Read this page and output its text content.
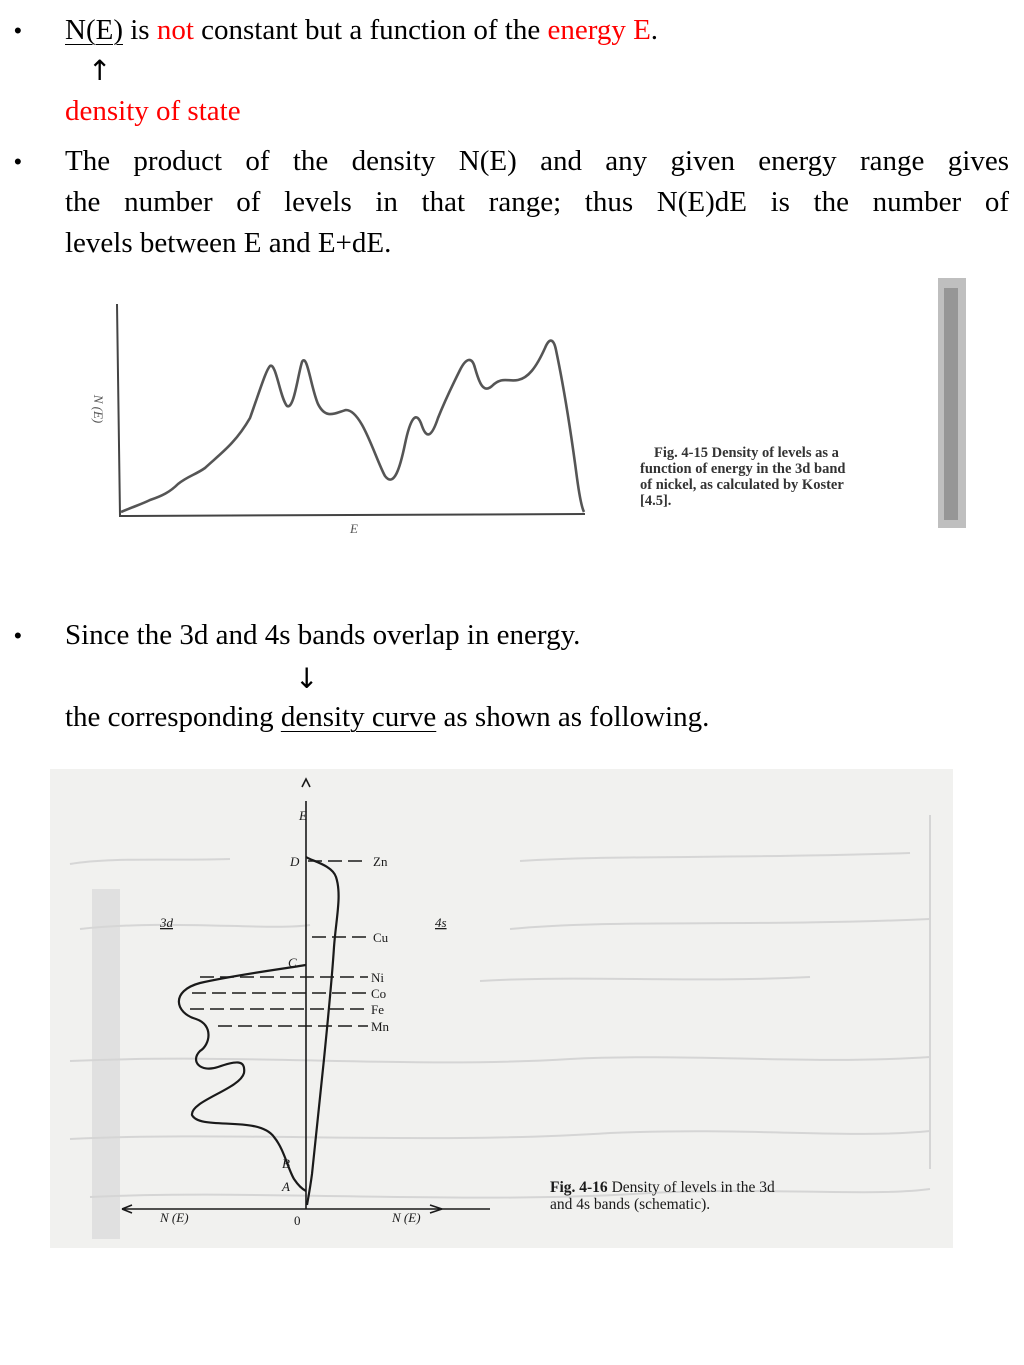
• N(E) is not constant but a function of the energy E.
↑
density of state
• The product of the density N(E) and any given energy range gives
the number of levels in that range; thus N(E)dE is the number of
levels between E and E+dE.
N (E)
E
Fig. 4-15 Density of levels as a
function of energy in the 3d band
of nickel, as calculated by Koster
[4.5].
• Since the 3d and 4s bands overlap in energy.
↓
the corresponding density curve as shown as following.
E
D
C
B
A
3d	4s
Zn
Cu
Ni
Co
Fe
Mn
N (E)	0	N (E)
Fig. 4-16 Density of levels in the 3d
and 4s bands (schematic).
